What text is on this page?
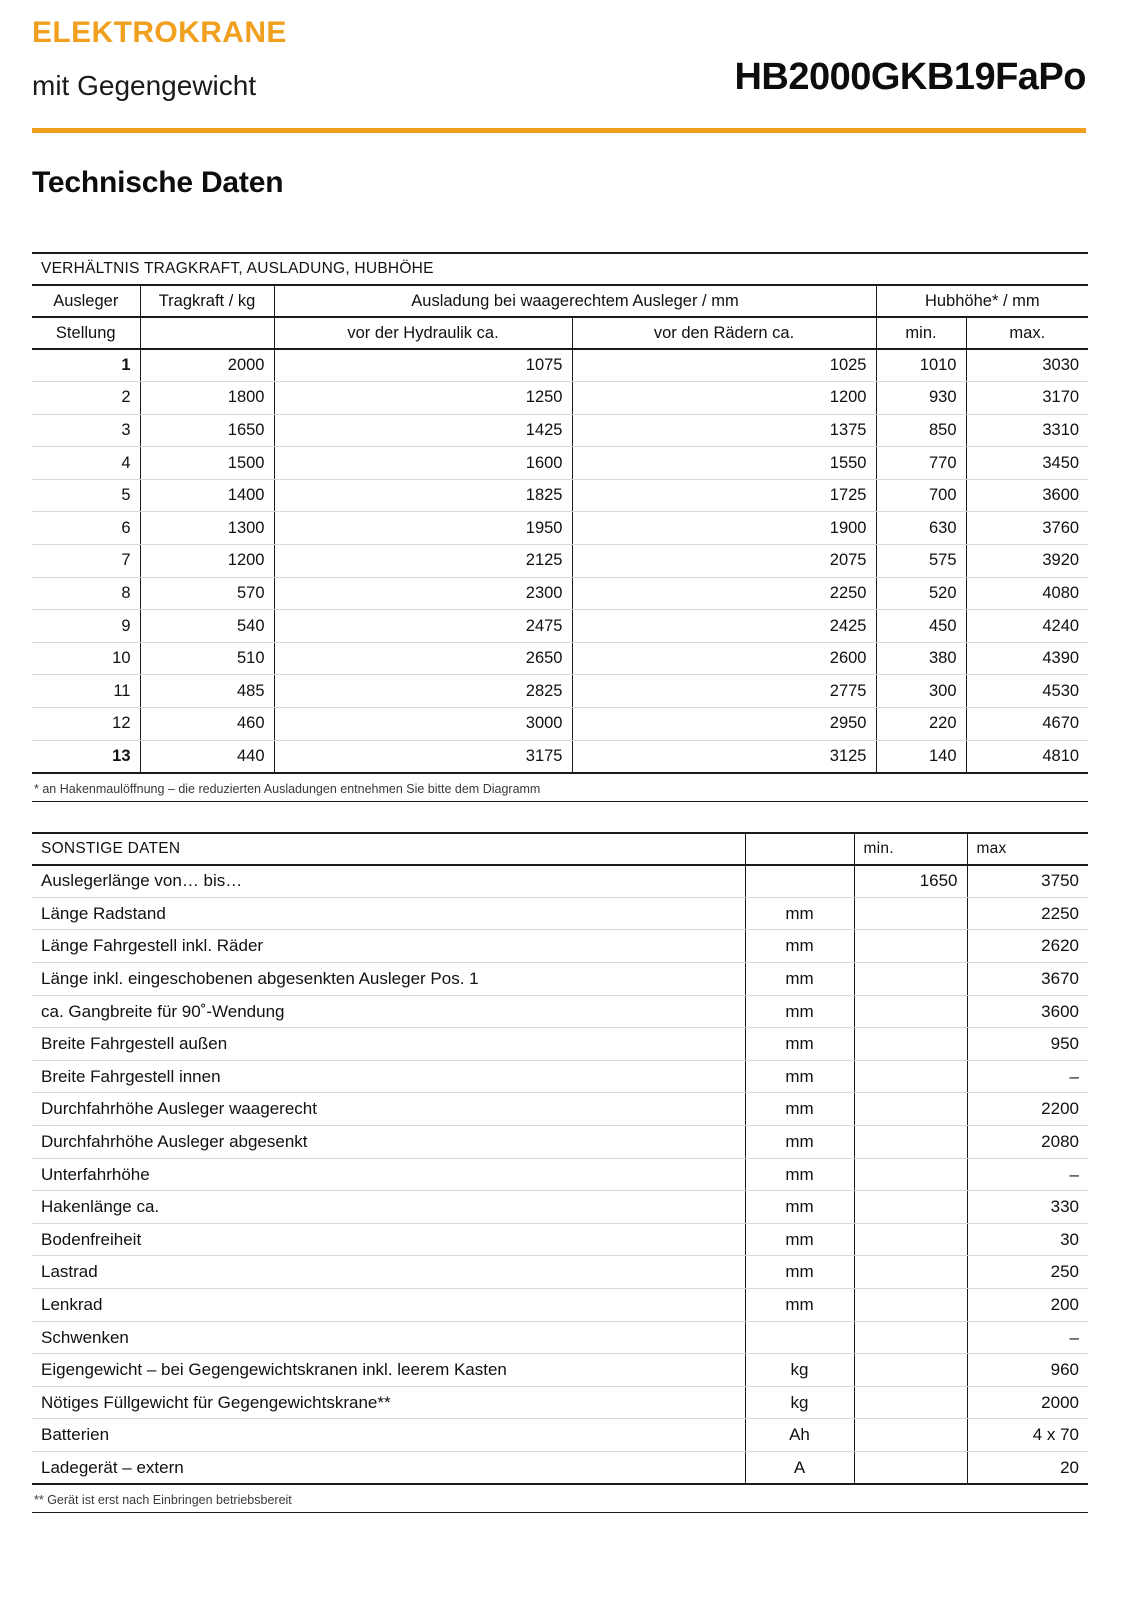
ELEKTROKRANE
mit Gegengewicht	HB2000GKB19FaPo
Technische Daten
VERHÄLTNIS TRAGKRAFT, AUSLADUNG, HUBHÖHE					
Ausleger	Tragkraft / kg	Ausladung bei waagerechtem Ausleger / mm		Hubhöhe* / mm	
Stellung		vor der Hydraulik ca.	vor den Rädern ca.	min.	max.
1	2000	1075	1025	1010	3030
2	1800	1250	1200	930	3170
3	1650	1425	1375	850	3310
4	1500	1600	1550	770	3450
5	1400	1825	1725	700	3600
6	1300	1950	1900	630	3760
7	1200	2125	2075	575	3920
8	570	2300	2250	520	4080
9	540	2475	2425	450	4240
10	510	2650	2600	380	4390
11	485	2825	2775	300	4530
12	460	3000	2950	220	4670
13	440	3175	3125	140	4810
* an Hakenmaulöffnung – die reduzierten Ausladungen entnehmen Sie bitte dem Diagramm
SONSTIGE DATEN		min.	max
Auslegerlänge von… bis…		1650	3750
Länge Radstand	mm		2250
Länge Fahrgestell inkl. Räder	mm		2620
Länge inkl. eingeschobenen abgesenkten Ausleger Pos. 1	mm		3670
ca. Gangbreite für 90˚-Wendung	mm		3600
Breite Fahrgestell außen	mm		950
Breite Fahrgestell innen	mm		–
Durchfahrhöhe Ausleger waagerecht	mm		2200
Durchfahrhöhe Ausleger abgesenkt	mm		2080
Unterfahrhöhe	mm		–
Hakenlänge ca.	mm		330
Bodenfreiheit	mm		30
Lastrad	mm		250
Lenkrad	mm		200
Schwenken			–
Eigengewicht – bei Gegengewichtskranen inkl. leerem Kasten	kg		960
Nötiges Füllgewicht für Gegengewichtskrane**	kg		2000
Batterien	Ah		4 x 70
Ladegerät – extern	A		20
** Gerät ist erst nach Einbringen betriebsbereit
